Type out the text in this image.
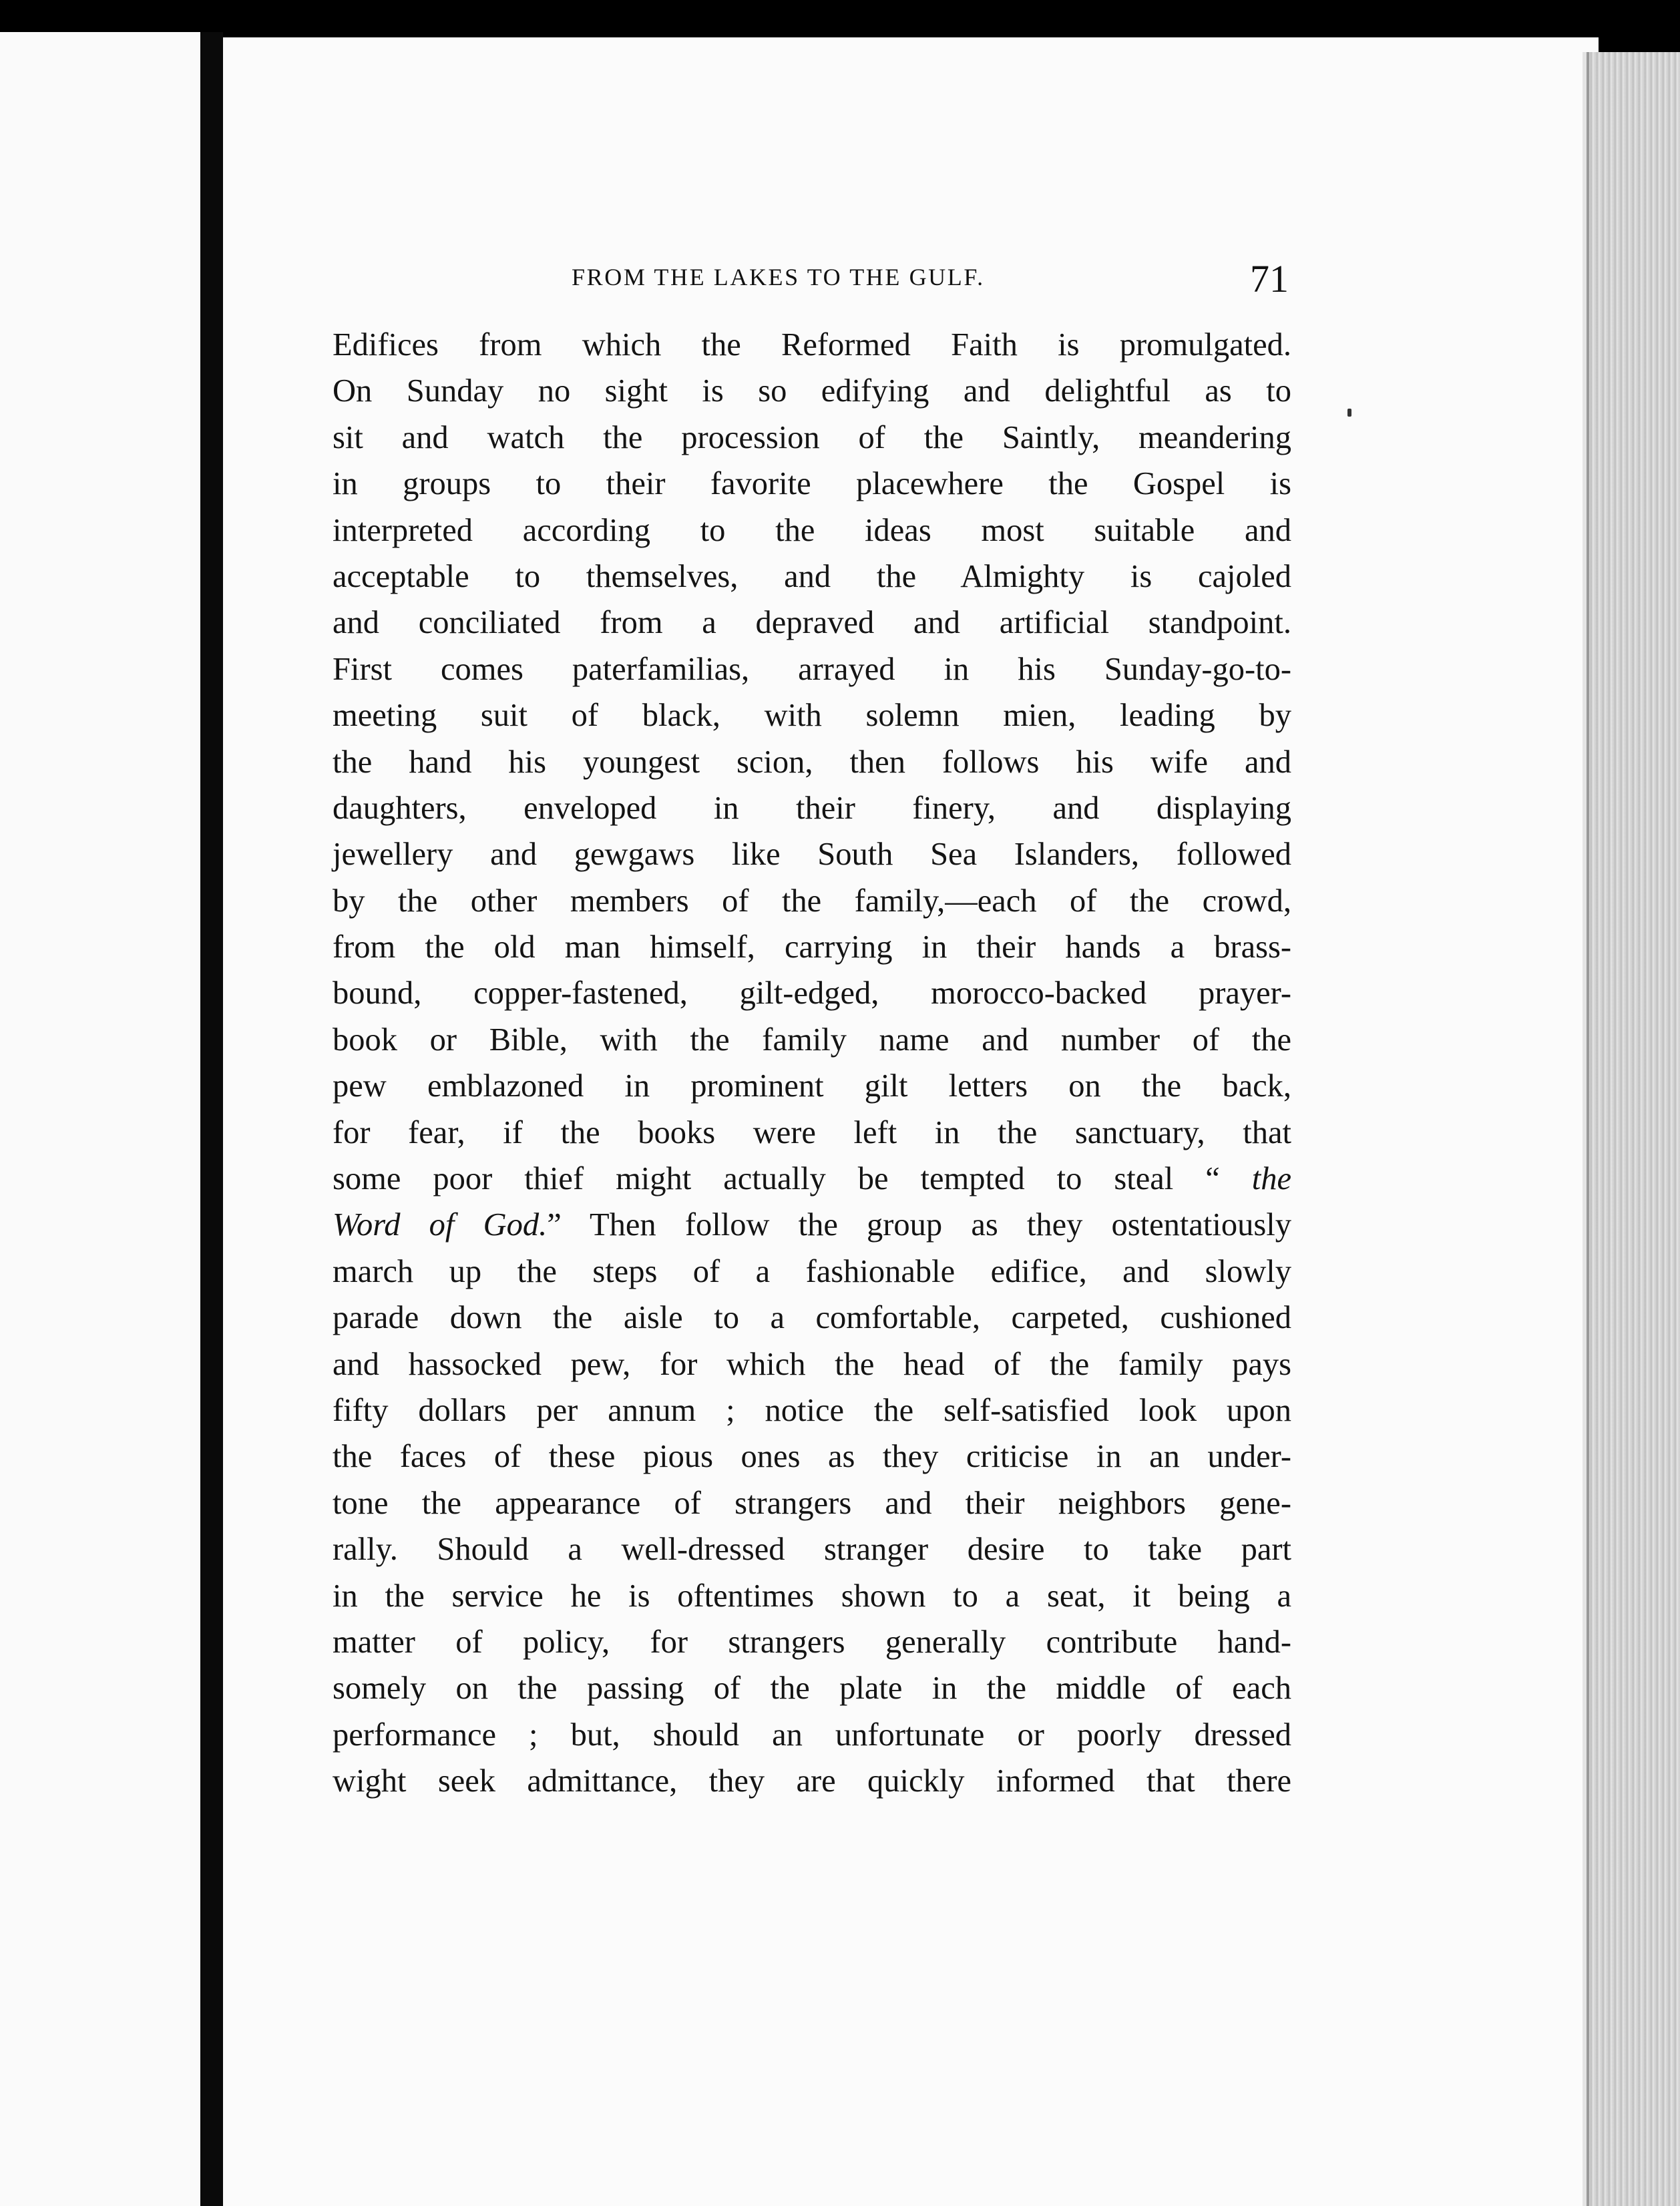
FROM THE LAKES TO THE GULF.	71
Edifices from which the Reformed Faith is promulgated.
On Sunday no sight is so edifying and delightful as to
sit and watch the procession of the Saintly, meandering
in groups to their favorite placewhere the Gospel is
interpreted according to the ideas most suitable and
acceptable to themselves, and the Almighty is cajoled
and conciliated from a depraved and artificial standpoint.
First comes paterfamilias, arrayed in his Sunday-go-to-
meeting suit of black, with solemn mien, leading by
the hand his youngest scion, then follows his wife and
daughters, enveloped in their finery, and displaying
jewellery and gewgaws like South Sea Islanders, followed
by the other members of the family,—each of the crowd,
from the old man himself, carrying in their hands a brass-
bound, copper-fastened, gilt-edged, morocco-backed prayer-
book or Bible, with the family name and number of the
pew emblazoned in prominent gilt letters on the back,
for fear, if the books were left in the sanctuary, that
some poor thief might actually be tempted to steal “ the
Word of God.” Then follow the group as they ostentatiously
march up the steps of a fashionable edifice, and slowly
parade down the aisle to a comfortable, carpeted, cushioned
and hassocked pew, for which the head of the family pays
fifty dollars per annum ; notice the self-satisfied look upon
the faces of these pious ones as they criticise in an under-
tone the appearance of strangers and their neighbors gene-
rally. Should a well-dressed stranger desire to take part
in the service he is oftentimes shown to a seat, it being a
matter of policy, for strangers generally contribute hand-
somely on the passing of the plate in the middle of each
performance ; but, should an unfortunate or poorly dressed
wight seek admittance, they are quickly informed that there
